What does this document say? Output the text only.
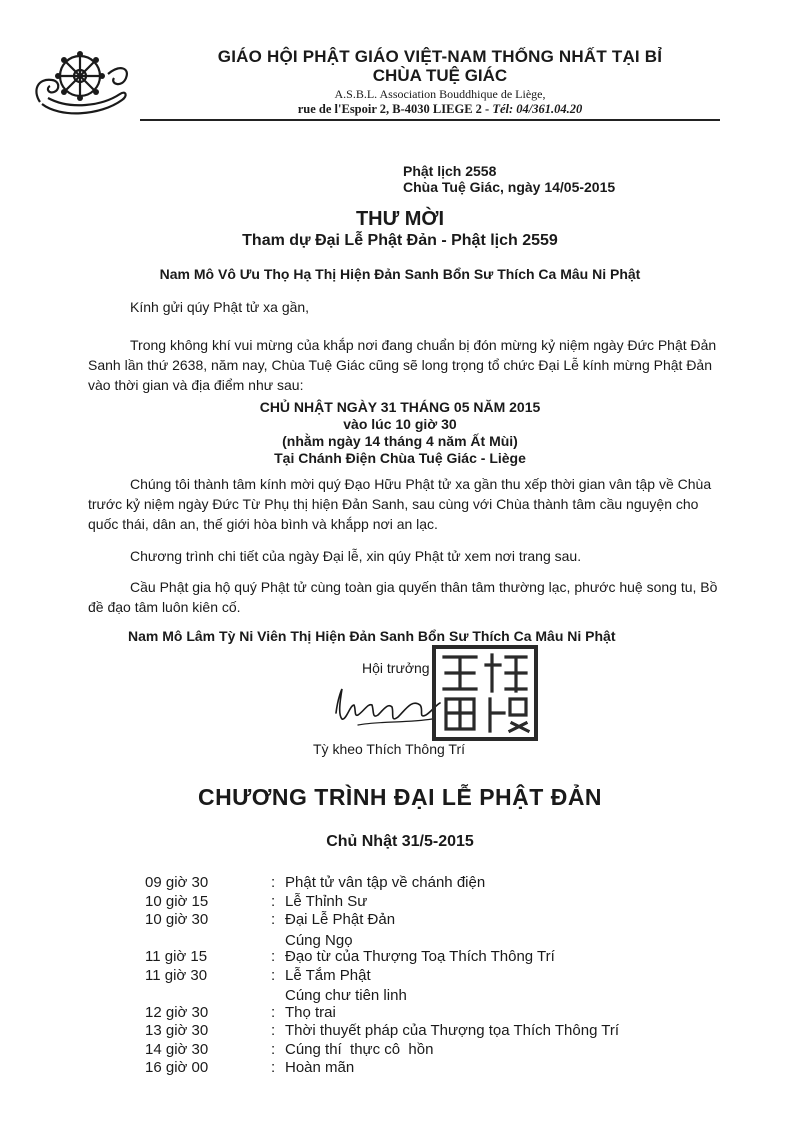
GIÁO HỘI PHẬT GIÁO VIỆT-NAM THỐNG NHẤT TẠI BỈ
CHÙA TUỆ GIÁC
A.S.B.L. Association Bouddhique de Liège,
rue de l'Espoir 2, B-4030 LIEGE 2 - Tél: 04/361.04.20
Phật lịch 2558
Chùa Tuệ Giác, ngày 14/05-2015
THƯ MỜI
Tham dự Đại Lễ Phật Đản - Phật lịch 2559
Nam Mô Vô Ưu Thọ Hạ Thị Hiện Đản Sanh Bổn Sư Thích Ca Mâu Ni Phật
Kính gửi qúy Phật tử xa gần,
Trong không khí vui mừng của khắp nơi đang chuẩn bị đón mừng kỷ niệm ngày Đức Phật Đản Sanh lần thứ 2638, năm nay, Chùa Tuệ Giác cũng sẽ long trọng tổ chức Đại Lễ kính mừng Phật Đản vào thời gian và địa điểm như sau:
CHỦ NHẬT NGÀY 31 THÁNG 05 NĂM 2015
vào lúc 10 giờ 30
(nhằm ngày 14 tháng 4 năm Ất Mùi)
Tại Chánh Điện Chùa Tuệ Giác - Liège
Chúng tôi thành tâm kính mời quý Đạo Hữu Phật tử xa gần thu xếp thời gian vân tập về Chùa trước kỷ niệm ngày Đức Từ Phụ thị hiện Đản Sanh, sau cùng với Chùa thành tâm cầu nguyện cho quốc thái, dân an, thế giới hòa bình và khắpp nơi an lạc.
Chương trình chi tiết của ngày Đại lễ, xin qúy Phật tử xem nơi trang sau.
Cầu Phật gia hộ quý Phật tử cùng toàn gia quyến thân tâm thường lạc, phước huệ song tu, Bồ đề đạo tâm luôn kiên cố.
Nam Mô Lâm Tỳ Ni Viên Thị Hiện Đản Sanh Bổn Sư Thích Ca Mâu Ni Phật
Hội trưởng
Tỳ kheo Thích Thông Trí
CHƯƠNG TRÌNH ĐẠI LỄ PHẬT ĐẢN
Chủ Nhật 31/5-2015
09 giờ 30	: Phật tử vân tập về chánh điện
10 giờ 15	: Lễ Thỉnh Sư
10 giờ 30	: Đại Lễ Phật Đản
Cúng Ngọ
11 giờ 15	: Đạo từ của Thượng Toạ Thích Thông Trí
11 giờ 30	: Lễ Tắm Phật
Cúng chư tiên linh
12 giờ 30	: Thọ trai
13 giờ 30	: Thời thuyết pháp của Thượng tọa Thích Thông Trí
14 giờ 30	: Cúng thí  thực cô  hồn
16 giờ 00	: Hoàn mãn
